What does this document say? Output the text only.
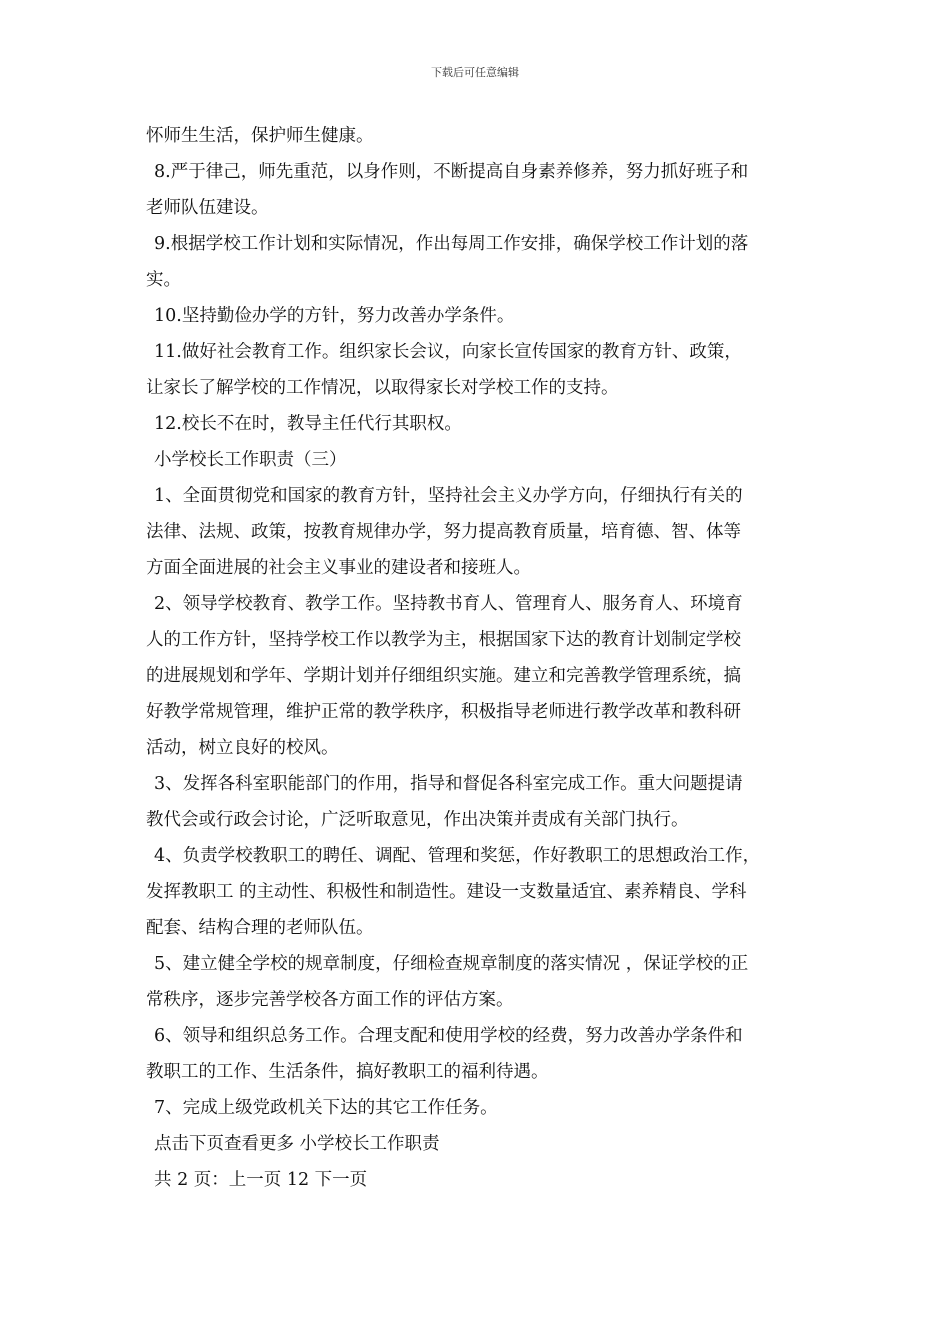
下载后可任意编辑
怀师生生活，保护师生健康。
8.严于律己，师先重范，以身作则，不断提高自身素养修养，努力抓好班子和
老师队伍建设。
9.根据学校工作计划和实际情况，作出每周工作安排，确保学校工作计划的落
实。
10.坚持勤俭办学的方针，努力改善办学条件。
11.做好社会教育工作。组织家长会议，向家长宣传国家的教育方针、政策，
让家长了解学校的工作情况，以取得家长对学校工作的支持。
12.校长不在时，教导主任代行其职权。
小学校长工作职责（三）
1、全面贯彻党和国家的教育方针，坚持社会主义办学方向，仔细执行有关的
法律、法规、政策，按教育规律办学，努力提高教育质量，培育德、智、体等
方面全面进展的社会主义事业的建设者和接班人。
2、领导学校教育、教学工作。坚持教书育人、管理育人、服务育人、环境育
人的工作方针，坚持学校工作以教学为主，根据国家下达的教育计划制定学校
的进展规划和学年、学期计划并仔细组织实施。建立和完善教学管理系统，搞
好教学常规管理，维护正常的教学秩序，积极指导老师进行教学改革和教科研
活动，树立良好的校风。
3、发挥各科室职能部门的作用，指导和督促各科室完成工作。重大问题提请
教代会或行政会讨论，广泛听取意见，作出决策并责成有关部门执行。
4、负责学校教职工的聘任、调配、管理和奖惩，作好教职工的思想政治工作，
发挥教职工 的主动性、积极性和制造性。建设一支数量适宜、素养精良、学科
配套、结构合理的老师队伍。
5、建立健全学校的规章制度，仔细检查规章制度的落实情况 ，保证学校的正
常秩序，逐步完善学校各方面工作的评估方案。
6、领导和组织总务工作。合理支配和使用学校的经费，努力改善办学条件和
教职工的工作、生活条件，搞好教职工的福利待遇。
7、完成上级党政机关下达的其它工作任务。
点击下页查看更多 小学校长工作职责
共 2 页：上一页 12 下一页
